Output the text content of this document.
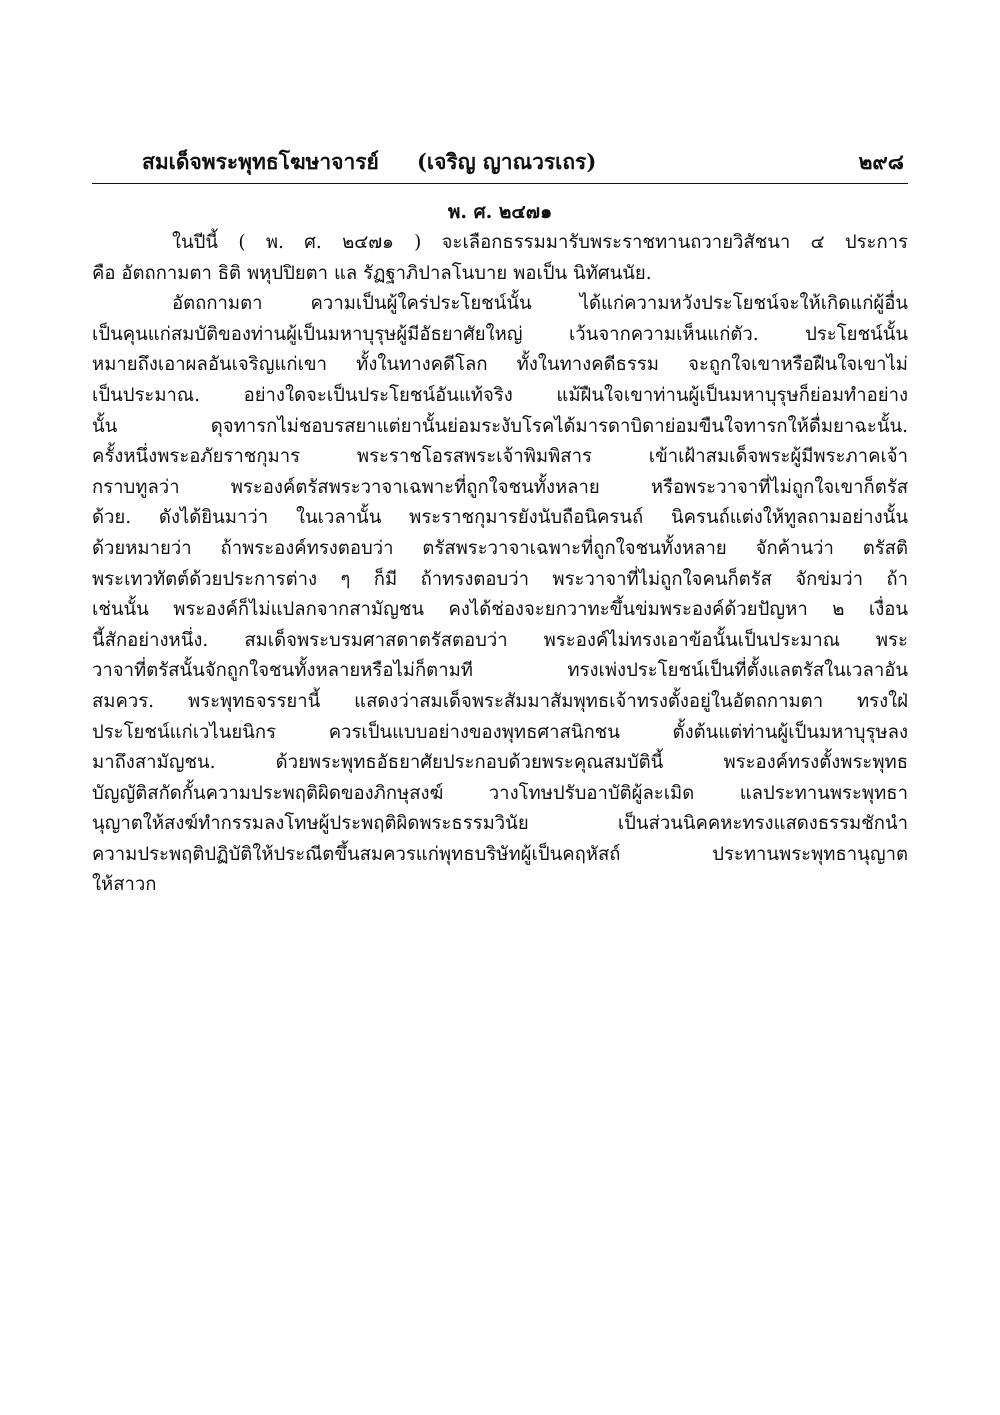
สมเด็จพระพุทธโฆษาจารย์ (เจริญ ญาณวรเถร)	๒๙๘
พ. ศ. ๒๔๗๑
ในปีนี้ ( พ. ศ. ๒๔๗๑ ) จะเลือกธรรมมารับพระราชทานถวายวิสัชนา ๔ ประการ
คือ อัตถกามตา ธิติ พหุปปิยตา แล รัฏฐาภิปาลโนบาย พอเป็น นิทัศนนัย.
อัตถกามตา ความเป็นผู้ใคร่ประโยชน์นั้น ได้แก่ความหวังประโยชน์จะให้เกิดแก่ผู้อื่น
เป็นคุนแก่สมบัติของท่านผู้เป็นมหาบุรุษผู้มีอัธยาศัยใหญ่ เว้นจากความเห็นแก่ตัว. ประโยชน์นั้น
หมายถึงเอาผลอันเจริญแก่เขา ทั้งในทางคดีโลก ทั้งในทางคดีธรรม จะถูกใจเขาหรือฝืนใจเขาไม่
เป็นประมาณ. อย่างใดจะเป็นประโยชน์อันแท้จริง แม้ฝืนใจเขาท่านผู้เป็นมหาบุรุษก็ย่อมทำอย่าง
นั้น ดุจทารกไม่ชอบรสยาแต่ยานั้นย่อมระงับโรคได้มารดาบิดาย่อมขืนใจทารกให้ดื่มยาฉะนั้น.
ครั้งหนึ่งพระอภัยราชกุมาร พระราชโอรสพระเจ้าพิมพิสาร เข้าเฝ้าสมเด็จพระผู้มีพระภาคเจ้า
กราบทูลว่า พระองค์ตรัสพระวาจาเฉพาะที่ถูกใจชนทั้งหลาย หรือพระวาจาที่ไม่ถูกใจเขาก็ตรัส
ด้วย. ดังได้ยินมาว่า ในเวลานั้น พระราชกุมารยังนับถือนิครนถ์ นิครนถ์แต่งให้ทูลถามอย่างนั้น
ด้วยหมายว่า ถ้าพระองค์ทรงตอบว่า ตรัสพระวาจาเฉพาะที่ถูกใจชนทั้งหลาย จักค้านว่า ตรัสติ
พระเทวทัตต์ด้วยประการต่าง ๆ ก็มี ถ้าทรงตอบว่า พระวาจาที่ไม่ถูกใจคนก็ตรัส จักข่มว่า ถ้า
เช่นนั้น พระองค์ก็ไม่แปลกจากสามัญชน คงได้ช่องจะยกวาทะขึ้นข่มพระองค์ด้วยปัญหา ๒ เงื่อน
นี้สักอย่างหนึ่ง. สมเด็จพระบรมศาสดาตรัสตอบว่า พระองค์ไม่ทรงเอาข้อนั้นเป็นประมาณ พระ
วาจาที่ตรัสนั้นจักถูกใจชนทั้งหลายหรือไม่ก็ตามที ทรงเพ่งประโยชน์เป็นที่ตั้งแลตรัสในเวลาอัน
สมควร. พระพุทธจรรยานี้ แสดงว่าสมเด็จพระสัมมาสัมพุทธเจ้าทรงตั้งอยู่ในอัตถกามตา ทรงใฝ่
ประโยชน์แก่เวไนยนิกร ควรเป็นแบบอย่างของพุทธศาสนิกชน ตั้งต้นแต่ท่านผู้เป็นมหาบุรุษลง
มาถึงสามัญชน. ด้วยพระพุทธอัธยาศัยประกอบด้วยพระคุณสมบัตินี้ พระองค์ทรงตั้งพระพุทธ
บัญญัติสกัดกั้นความประพฤติผิดของภิกษุสงฆ์ วางโทษปรับอาบัติผู้ละเมิด แลประทานพระพุทธา
นุญาตให้สงฆ์ทำกรรมลงโทษผู้ประพฤติผิดพระธรรมวินัย เป็นส่วนนิคคหะทรงแสดงธรรมชักนำ
ความประพฤติปฏิบัติให้ประณีตขึ้นสมควรแก่พุทธบริษัทผู้เป็นคฤหัสถ์ ประทานพระพุทธานุญาต
ให้สาวก
